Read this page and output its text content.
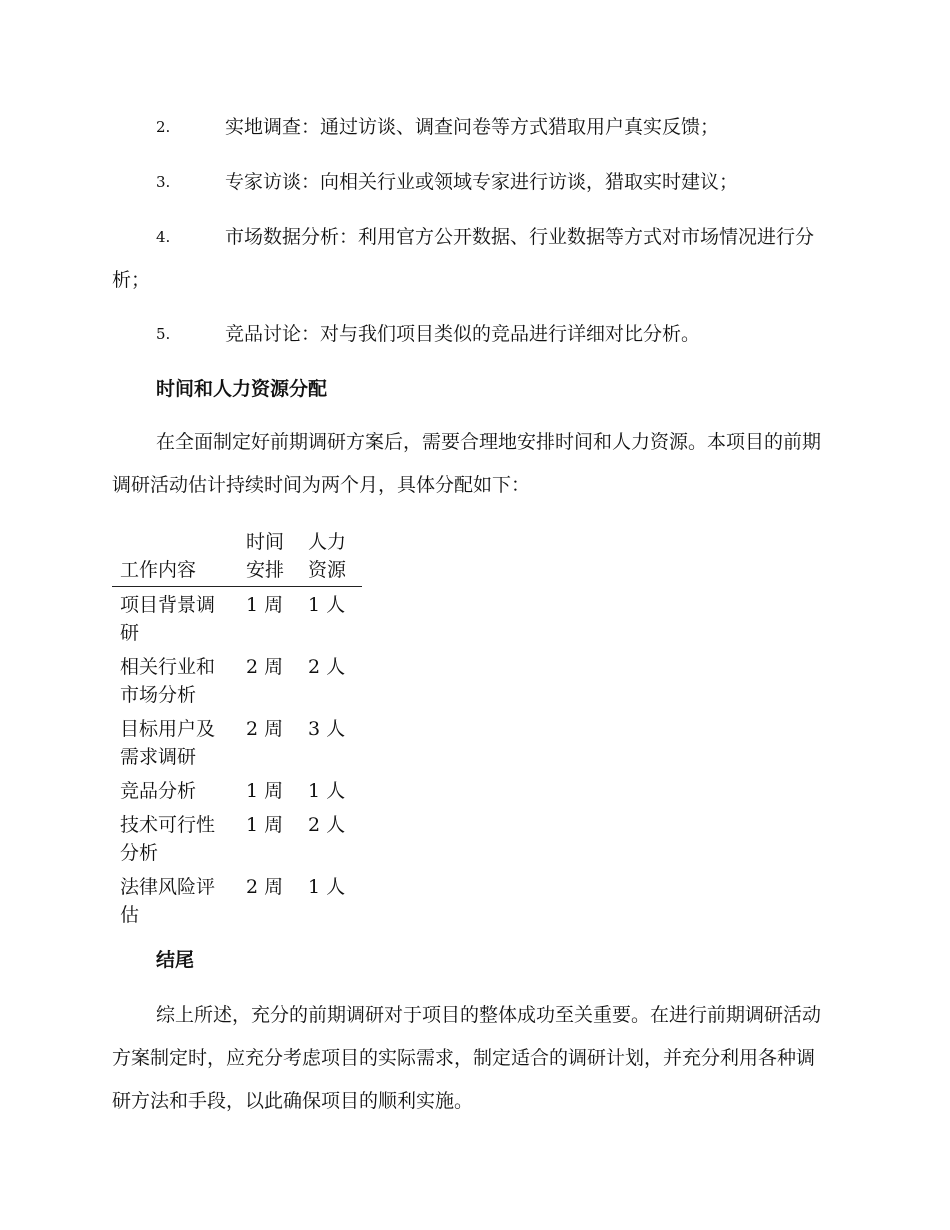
2.	实地调查：通过访谈、调查问卷等方式猎取用户真实反馈；
3.	专家访谈：向相关行业或领域专家进行访谈，猎取实时建议；
4.	市场数据分析：利用官方公开数据、行业数据等方式对市场情况进行分析；
5.	竞品讨论：对与我们项目类似的竞品进行详细对比分析。
时间和人力资源分配

在全面制定好前期调研方案后，需要合理地安排时间和人力资源。本项目的前期调研活动估计持续时间为两个月，具体分配如下：

工作内容	时间安排	人力资源
项目背景调研	1 周	1 人
相关行业和市场分析	2 周	2 人
目标用户及需求调研	2 周	3 人
竞品分析	1 周	1 人
技术可行性分析	1 周	2 人
法律风险评估	2 周	1 人
结尾

综上所述，充分的前期调研对于项目的整体成功至关重要。在进行前期调研活动方案制定时，应充分考虑项目的实际需求，制定适合的调研计划，并充分利用各种调研方法和手段，以此确保项目的顺利实施。
